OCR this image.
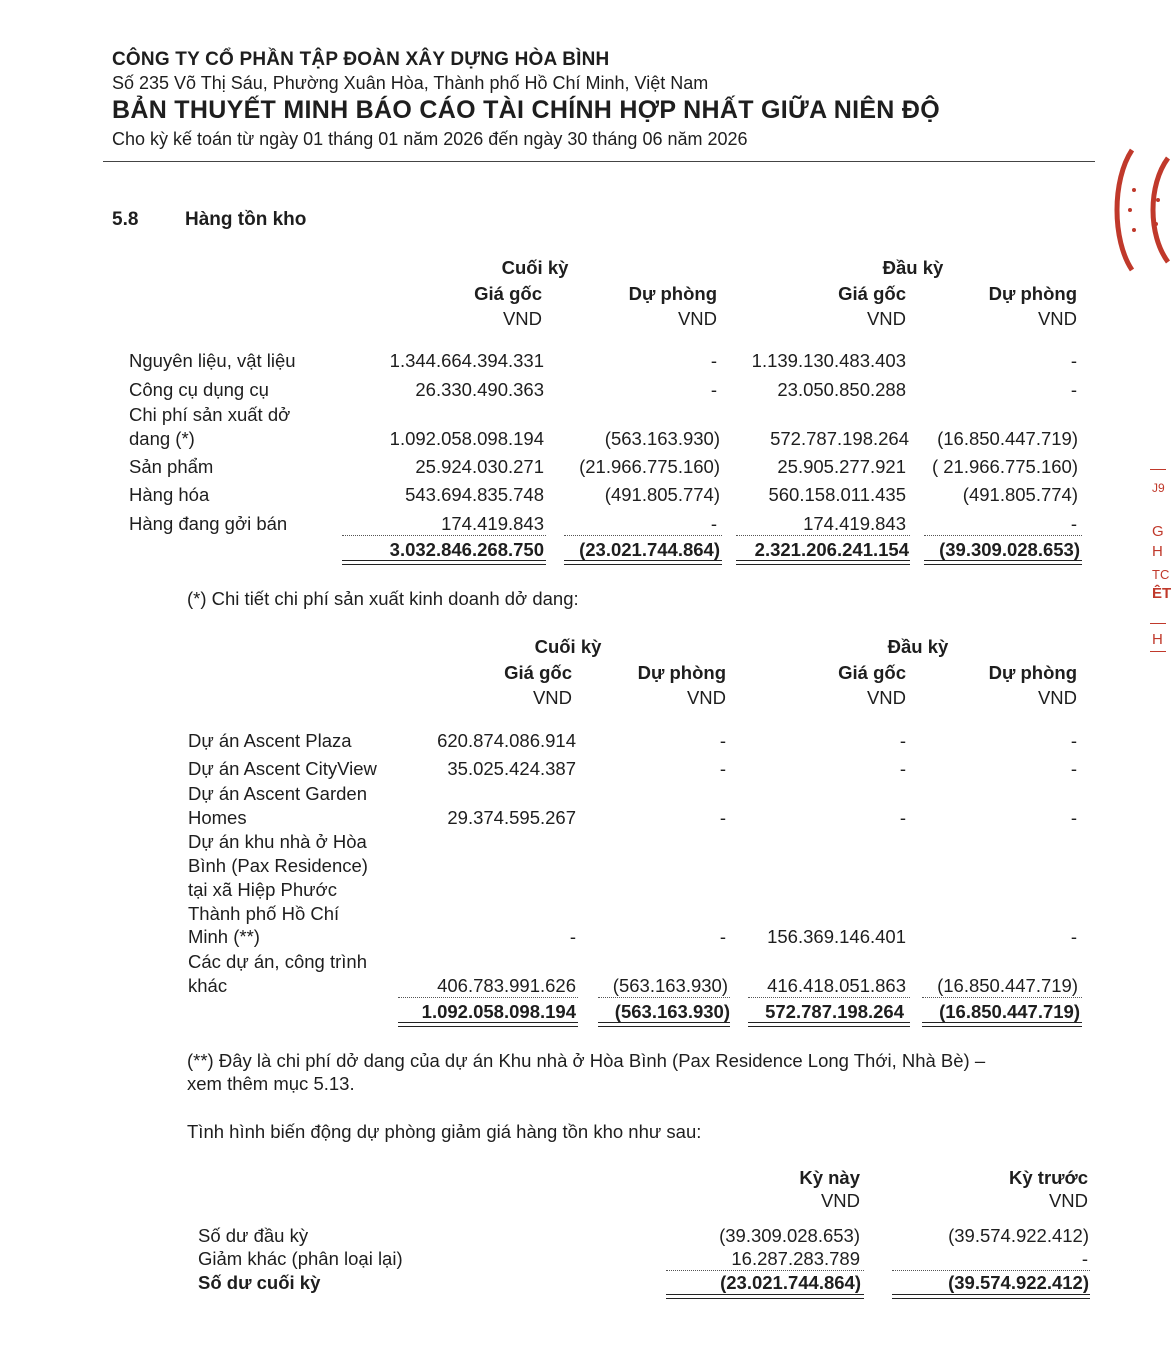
CÔNG TY CỔ PHẦN TẬP ĐOÀN XÂY DỰNG HÒA BÌNH
Số 235 Võ Thị Sáu, Phường Xuân Hòa, Thành phố Hồ Chí Minh, Việt Nam
BẢN THUYẾT MINH BÁO CÁO TÀI CHÍNH HỢP NHẤT GIỮA NIÊN ĐỘ
Cho kỳ kế toán từ ngày 01 tháng 01 năm 2026 đến ngày 30 tháng 06 năm 2026
J9
G
H
TC
ÊT
H
5.8 Hàng tồn kho
Cuối kỳ	Đầu kỳ
Giá gốc	Dự phòng	Giá gốc	Dự phòng
VND	VND	VND	VND
Nguyên liệu, vật liệu	1.344.664.394.331	-	1.139.130.483.403	-
Công cụ dụng cụ	26.330.490.363	-	23.050.850.288	-
Chi phí sản xuất dở
dang (*)	1.092.058.098.194	(563.163.930)	572.787.198.264	(16.850.447.719)
Sản phẩm	25.924.030.271	(21.966.775.160)	25.905.277.921	( 21.966.775.160)
Hàng hóa	543.694.835.748	(491.805.774)	560.158.011.435	(491.805.774)
Hàng đang gởi bán	174.419.843	-	174.419.843	-
3.032.846.268.750	(23.021.744.864)	2.321.206.241.154	(39.309.028.653)
(*) Chi tiết chi phí sản xuất kinh doanh dở dang:
Cuối kỳ	Đầu kỳ
Giá gốc	Dự phòng	Giá gốc	Dự phòng
VND	VND	VND	VND
Dự án Ascent Plaza	620.874.086.914	-	-	-
Dự án Ascent CityView	35.025.424.387	-	-	-
Dự án Ascent Garden
Homes	29.374.595.267	-	-	-
Dự án khu nhà ở Hòa
Bình (Pax Residence)
tại xã Hiệp Phước
Thành phố Hồ Chí
Minh (**)	-	-	156.369.146.401	-
Các dự án, công trình
khác	406.783.991.626	(563.163.930)	416.418.051.863	(16.850.447.719)
1.092.058.098.194	(563.163.930)	572.787.198.264	(16.850.447.719)
(**) Đây là chi phí dở dang của dự án Khu nhà ở Hòa Bình (Pax Residence Long Thới, Nhà Bè) –
xem thêm mục 5.13.
Tình hình biến động dự phòng giảm giá hàng tồn kho như sau:
Kỳ này	Kỳ trước
VND	VND
Số dư đầu kỳ	(39.309.028.653)	(39.574.922.412)
Giảm khác (phân loại lại)	16.287.283.789	-
Số dư cuối kỳ	(23.021.744.864)	(39.574.922.412)
